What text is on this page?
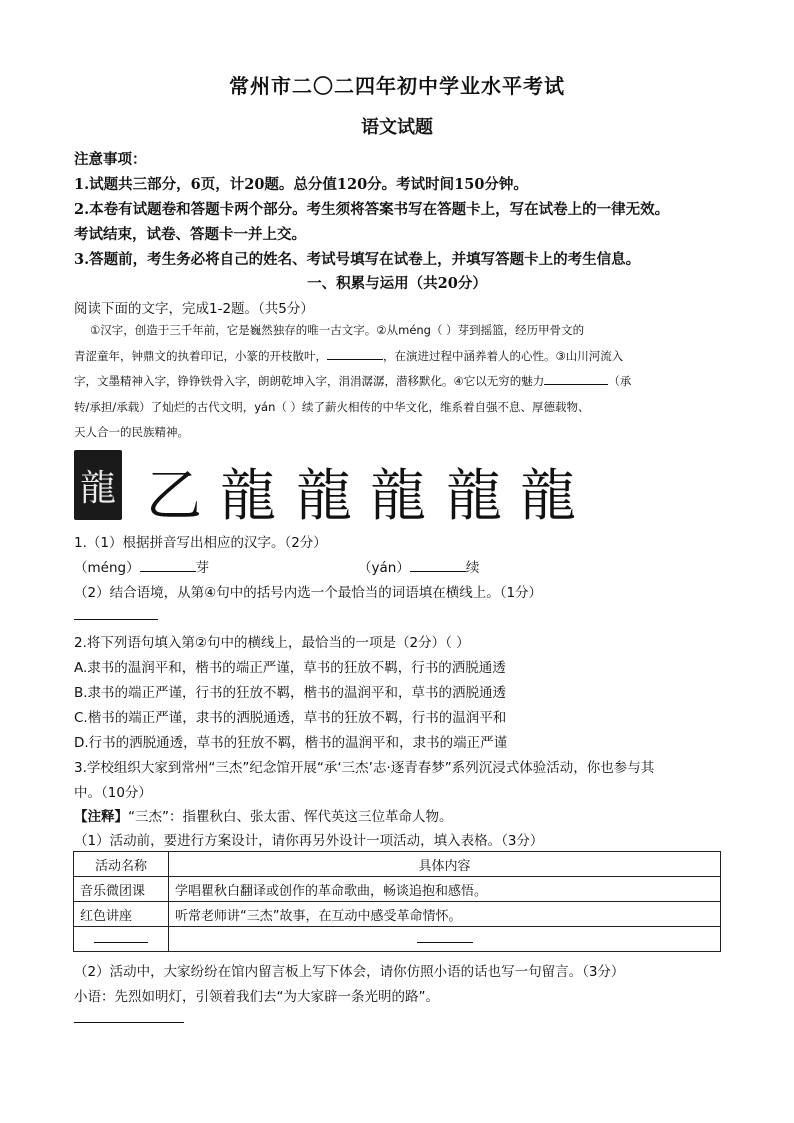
常州市二〇二四年初中学业水平考试
语文试题
注意事项：
1.试题共三部分，6页，计20题。总分值120分。考试时间150分钟。
2.本卷有试题卷和答题卡两个部分。考生须将答案书写在答题卡上，写在试卷上的一律无效。
考试结束，试卷、答题卡一并上交。
3.答题前，考生务必将自己的姓名、考试号填写在试卷上，并填写答题卡上的考生信息。
一、积累与运用（共20分）
阅读下面的文字，完成1-2题。（共5分）

①汉字，创造于三千年前，它是巍然独存的唯一古文字。②从méng（ ）芽到摇篮，经历甲骨文的

青涩童年，钟鼎文的执着印记，小篆的开枝散叶，	，在演进过程中涵养着人的心性。③山川河流入

字，文墨精神入字，铮铮铁骨入字，朗朗乾坤入字，涓涓潺潺，潜移默化。④它以无穷的魅力	（承

转/承担/承载）了灿烂的古代文明，yán（ ）续了薪火相传的中华文化，维系着自强不息、厚德载物、

天人合一的民族精神。

龍 乙 龍 龍 龍 龍 龍
1.（1）根据拼音写出相应的汉字。（2分）
（méng）	芽	（yán）	续
（2）结合语境，从第④句中的括号内选一个最恰当的词语填在横线上。（1分）
2.将下列语句填入第②句中的横线上，最恰当的一项是（2分）（ ）
A.隶书的温润平和，楷书的端正严谨，草书的狂放不羁，行书的洒脱通透
B.隶书的端正严谨，行书的狂放不羁，楷书的温润平和，草书的洒脱通透
C.楷书的端正严谨，隶书的洒脱通透，草书的狂放不羁，行书的温润平和
D.行书的洒脱通透，草书的狂放不羁，楷书的温润平和，隶书的端正严谨
3.学校组织大家到常州“三杰”纪念馆开展“承‘三杰’志·逐青春梦”系列沉浸式体验活动，你也参与其
中。（10分）
【注释】“三杰”：指瞿秋白、张太雷、恽代英这三位革命人物。
（1）活动前，要进行方案设计，请你再另外设计一项活动，填入表格。（3分）
活动名称	具体内容
音乐微团课	学唱瞿秋白翻译或创作的革命歌曲，畅谈追抱和感悟。
红色讲座	听常老师讲“三杰”故事，在互动中感受革命情怀。

（2）活动中，大家纷纷在馆内留言板上写下体会，请你仿照小语的话也写一句留言。（3分）
小语：先烈如明灯，引领着我们去“为大家辟一条光明的路”。
